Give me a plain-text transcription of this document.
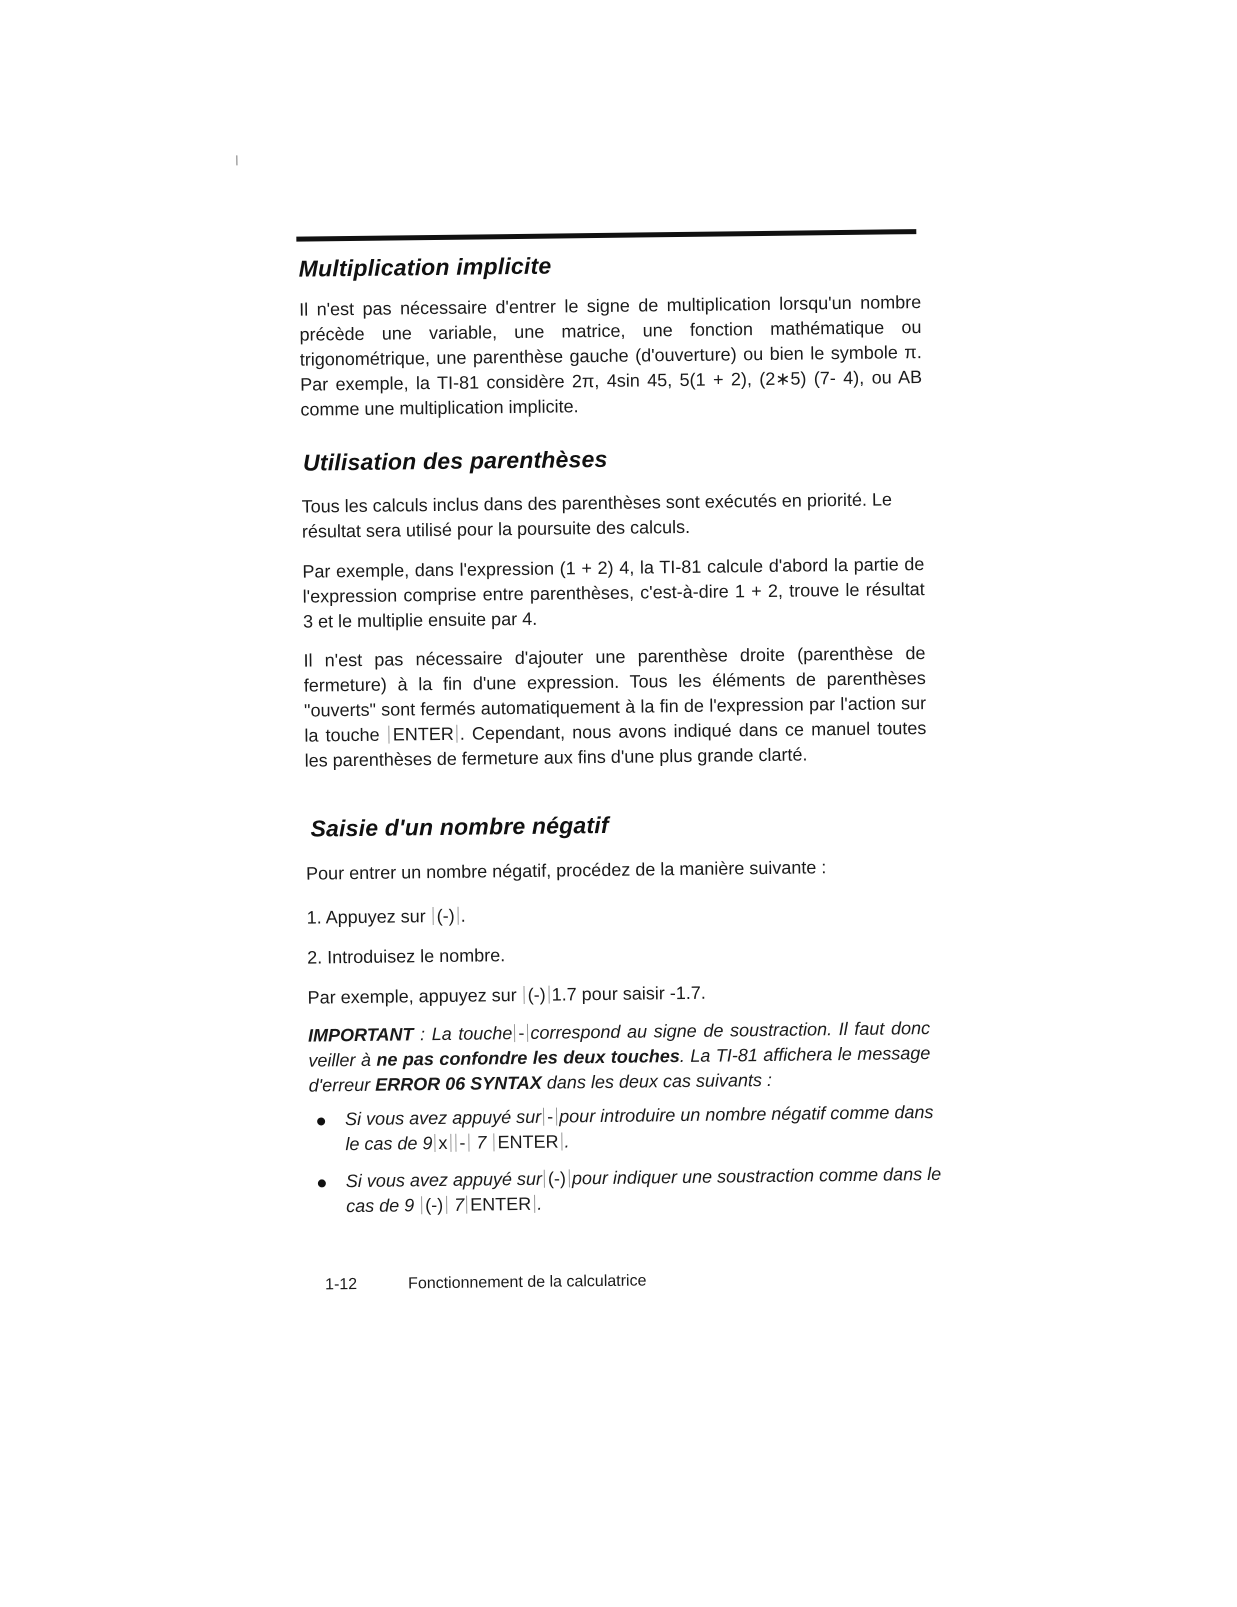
Multiplication implicite

Il n'est pas nécessaire d'entrer le signe de multiplication lorsqu'un nombre précède une variable, une matrice, une fonction mathématique ou trigonométrique, une parenthèse gauche (d'ouverture) ou bien le symbole π. Par exemple, la TI-81 considère 2π, 4sin 45, 5(1 + 2), (2∗5) (7- 4), ou AB comme une multiplication implicite.

Utilisation des parenthèses

Tous les calculs inclus dans des parenthèses sont exécutés en priorité. Le résultat sera utilisé pour la poursuite des calculs.

Par exemple, dans l'expression (1 + 2) 4, la TI-81 calcule d'abord la partie de l'expression comprise entre parenthèses, c'est-à-dire 1 + 2, trouve le résultat 3 et le multiplie ensuite par 4.

Il n'est pas nécessaire d'ajouter une parenthèse droite (parenthèse de fermeture) à la fin d'une expression. Tous les éléments de parenthèses "ouverts" sont fermés automatiquement à la fin de l'expression par l'action sur la touche ENTER . Cependant, nous avons indiqué dans ce manuel toutes les parenthèses de fermeture aux fins d'une plus grande clarté.

Saisie d'un nombre négatif

Pour entrer un nombre négatif, procédez de la manière suivante :

1. Appuyez sur (-) .

2. Introduisez le nombre.

Par exemple, appuyez sur (-) 1.7 pour saisir -1.7.

IMPORTANT : La touche - correspond au signe de soustraction. Il faut donc veiller à ne pas confondre les deux touches. La TI-81 affichera le message d'erreur ERROR 06 SYNTAX dans les deux cas suivants :

Si vous avez appuyé sur - pour introduire un nombre négatif comme dans le cas de 9 x - 7 ENTER .
Si vous avez appuyé sur (-) pour indiquer une soustraction comme dans le cas de 9 (-) 7 ENTER .
1-12	Fonctionnement de la calculatrice
